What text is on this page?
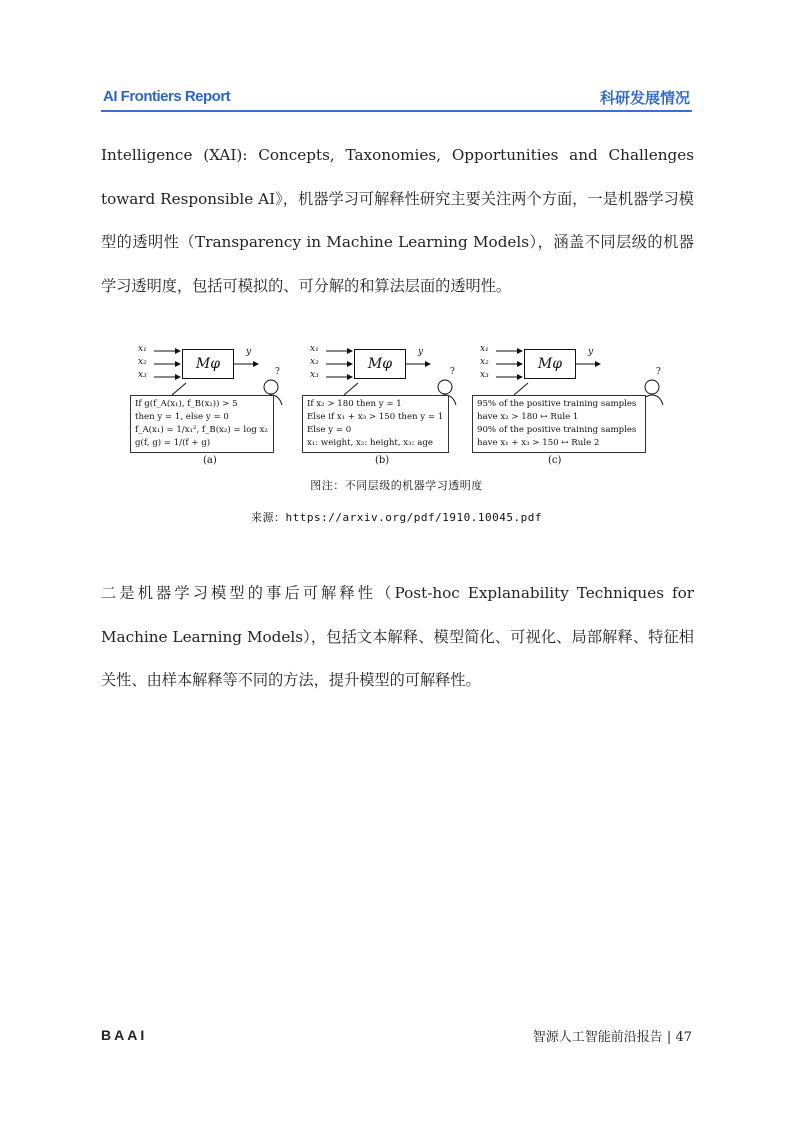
AI Frontiers Report	科研发展情况
Intelligence (XAI): Concepts, Taxonomies, Opportunities and Challenges toward Responsible AI》，机器学习可解释性研究主要关注两个方面，一是机器学习模型的透明性（Transparency in Machine Learning Models），涵盖不同层级的机器学习透明度，包括可模拟的、可分解的和算法层面的透明性。
x₁
x₂
x₃
Mφ
y
?
If g(f_A(x₁), f_B(x₂)) > 5
then y = 1, else y = 0
f_A(x₁) = 1/x₁², f_B(x₂) = log x₂
g(f, g) = 1/(f + g)
(a)
x₁
x₂
x₃
Mφ
y
?
If x₂ > 180 then y = 1
Else if x₁ + x₃ > 150 then y = 1
Else y = 0
x₁: weight, x₂: height, x₃: age
(b)
x₁
x₂
x₃
Mφ
y
?
95% of the positive training samples
have x₂ > 180 ↦ Rule 1
90% of the positive training samples
have x₁ + x₃ > 150 ↦ Rule 2
(c)
图注：不同层级的机器学习透明度
来源：https://arxiv.org/pdf/1910.10045.pdf
二是机器学习模型的事后可解释性（Post-hoc Explanability Techniques for Machine Learning Models），包括文本解释、模型简化、可视化、局部解释、特征相关性、由样本解释等不同的方法，提升模型的可解释性。
BAAI	智源人工智能前沿报告 | 47
